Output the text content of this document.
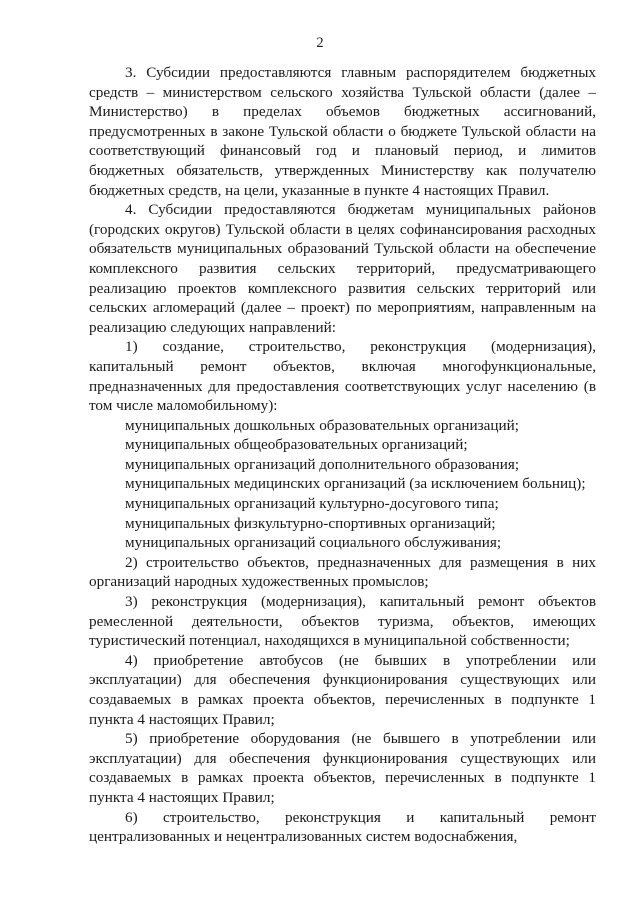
2

3. Субсидии предоставляются главным распорядителем бюджетных средств – министерством сельского хозяйства Тульской области (далее – Министерство) в пределах объемов бюджетных ассигнований, предусмотренных в законе Тульской области о бюджете Тульской области на соответствующий финансовый год и плановый период, и лимитов бюджетных обязательств, утвержденных Министерству как получателю бюджетных средств, на цели, указанные в пункте 4 настоящих Правил.

4. Субсидии предоставляются бюджетам муниципальных районов (городских округов) Тульской области в целях софинансирования расходных обязательств муниципальных образований Тульской области на обеспечение комплексного развития сельских территорий, предусматривающего реализацию проектов комплексного развития сельских территорий или сельских агломераций (далее – проект) по мероприятиям, направленным на реализацию следующих направлений:

1) создание, строительство, реконструкция (модернизация), капитальный ремонт объектов, включая многофункциональные, предназначенных для предоставления соответствующих услуг населению (в том числе маломобильному):

муниципальных дошкольных образовательных организаций;

муниципальных общеобразовательных организаций;

муниципальных организаций дополнительного образования;

муниципальных медицинских организаций (за исключением больниц);

муниципальных организаций культурно-досугового типа;

муниципальных физкультурно-спортивных организаций;

муниципальных организаций социального обслуживания;

2) строительство объектов, предназначенных для размещения в них организаций народных художественных промыслов;

3) реконструкция (модернизация), капитальный ремонт объектов ремесленной деятельности, объектов туризма, объектов, имеющих туристический потенциал, находящихся в муниципальной собственности;

4) приобретение автобусов (не бывших в употреблении или эксплуатации) для обеспечения функционирования существующих или создаваемых в рамках проекта объектов, перечисленных в подпункте 1 пункта 4 настоящих Правил;

5) приобретение оборудования (не бывшего в употреблении или эксплуатации) для обеспечения функционирования существующих или создаваемых в рамках проекта объектов, перечисленных в подпункте 1 пункта 4 настоящих Правил;

6) строительство, реконструкция и капитальный ремонт централизованных и нецентрализованных систем водоснабжения,
